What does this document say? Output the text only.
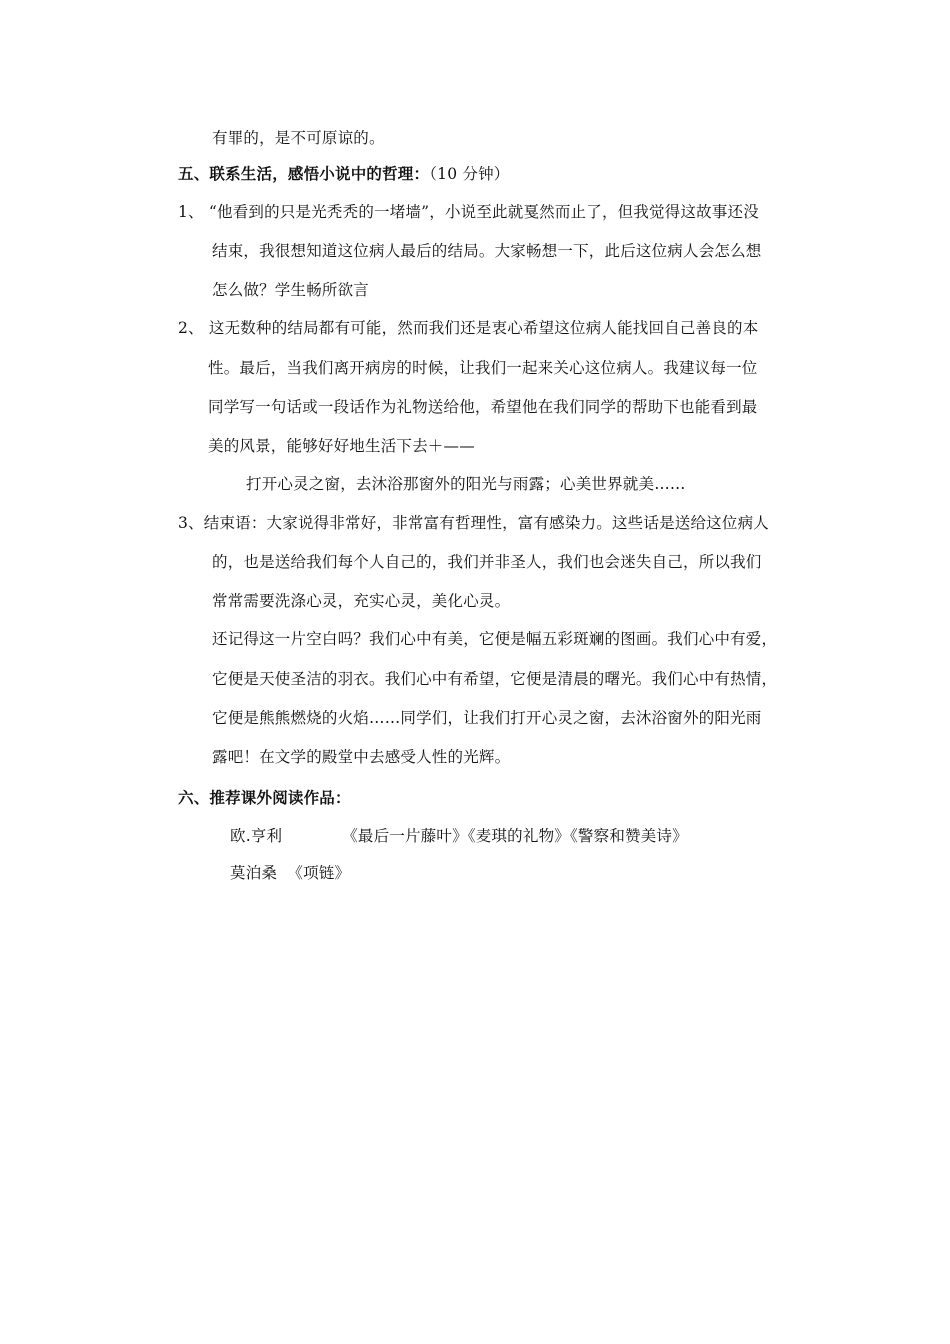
有罪的，是不可原谅的。
五、联系生活，感悟小说中的哲理：（10 分钟）
1、 “他看到的只是光秃秃的一堵墙”，小说至此就戛然而止了，但我觉得这故事还没
结束，我很想知道这位病人最后的结局。大家畅想一下，此后这位病人会怎么想
怎么做？学生畅所欲言
2、 这无数种的结局都有可能，然而我们还是衷心希望这位病人能找回自己善良的本
性。最后，当我们离开病房的时候，让我们一起来关心这位病人。我建议每一位
同学写一句话或一段话作为礼物送给他，希望他在我们同学的帮助下也能看到最
美的风景，能够好好地生活下去＋——
打开心灵之窗，去沐浴那窗外的阳光与雨露；心美世界就美……
3、结束语：大家说得非常好，非常富有哲理性，富有感染力。这些话是送给这位病人
的，也是送给我们每个人自己的，我们并非圣人，我们也会迷失自己，所以我们
常常需要洗涤心灵，充实心灵，美化心灵。
还记得这一片空白吗？我们心中有美，它便是幅五彩斑斓的图画。我们心中有爱，
它便是天使圣洁的羽衣。我们心中有希望，它便是清晨的曙光。我们心中有热情，
它便是熊熊燃烧的火焰……同学们，让我们打开心灵之窗，去沐浴窗外的阳光雨
露吧！在文学的殿堂中去感受人性的光辉。
六、推荐课外阅读作品：
欧.亨利	《最后一片藤叶》《麦琪的礼物》《警察和赞美诗》
莫泊桑 《项链》
